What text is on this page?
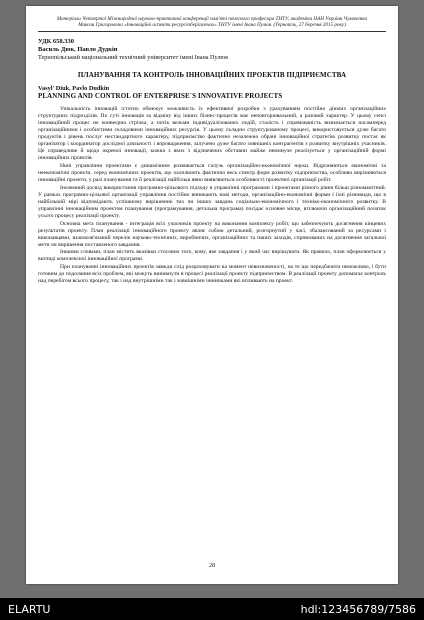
Матеріали Четвертої Міжнародної науково-практичної конференції пам'яті почесного професора ТНТУ, академіка НАН України Чумаченка Миколи Григоровича «Інноваційні аспекти ресурсозберігаючих» ТНТУ імені Івана Пулюя. (Тернопіль, 27 березня 2015 року)
УДК 658.330
Василь Дюк, Павло Дудкін
Тернопільський національний технічний університет імені Івана Пулюя
ПЛАНУВАННЯ ТА КОНТРОЛЬ ІННОВАЦІЙНИХ ПРОЕКТІВ ПІДПРИЄМСТВА
Vasyl' Diuk, Pavlo Dudkin
PLANNING AND CONTROL OF ENTERPRISE`S INNOVATIVE PROJECTS

Унікальність інновацій істотно обмежує можливість їх ефективної розробки з урахуванням постійно діючих організаційних структурних підрозділів. По суті інновація за відміну від інших бізнес-процесів має неповторювальний, а разовий характер. У цьому сенсі інноваційний процес не конвеєрна стрічка, а потік вельми індивідуалізованих подій, сталість і спрямованість визначається насамперед організаційними і особистими складовими інноваційних ресурсів. У цьому складно структурованому процесі, використовується дуже багато продуктів і рівень послуг нестандартного характеру, підприємство фактично незалежно обрані інноваційної стратегію розвитку постає як організатор і координатор дослідної діяльності і впровадження, залучено дуже багато зовнішніх контрагентів з розвитку внутрішніх учасників. Це справедливе й щодо окремої інновації, кожна з яких з відзначених обставин майже неминуче реалізується у організаційній формі інноваційних проектів.

Нині управління проектами є динамічним розвивається галузь організаційно-економічної науки. Відрізняються економічні та неекономічні проекти, серед економічних проектів, що охоплюють фактично весь спектр форм розвитку підприємства, особливо вирізняються інноваційні проекти, у разі планування та її реалізації найбільш явно виявляються особливості проектної організації робіт.

Іноземний досвід використання програмно-цільового підходу в управлінні програмами і проектами різного рівня більш різноманітний. У рамках програмно-цільової організації управління постійно виникають нові методи, організаційно-економічні форми і їхні різновиди, що в найбільшій мірі відповідають успішному вирішенню тих чи інших завдань соціально-економічного і техніко-економічного розвитку. В управлінні інноваційним проектом планування (програмування, детальна програма) посідає основне місце, втілюючи організаційний початок усього процесу реалізації проекту.

Основна мета планування - інтеграція всіх учасників проекту на виконання комплексу робіт, що забезпечують досягнення кінцевих результатів проекту. План реалізації інноваційного проекту являє собою детальний, розгорнутий у часі, збалансований за ресурсами і виконавцями, взаємозв'язаний перелік науково-технічних, виробничих, організаційних та інших заходів, спрямованих на досягнення загальної мети чи вирішення поставленого завдання.

Іншими словами, план містить вказівки стосовно того, кому, яке завдання і у який час вирішувати. Як правило, план оформлюється у вигляді комплексної інноваційної програми.

При плануванні інноваційних проектів завжди слід розраховувати на момент невизначеності, на те що передбачити неможливо, і бути готовим до подолання всіх проблем, які можуть виникнути в процесі реалізації проекту підприємством. В реалізації проекту допомагає контроль над перебігом всього процесу, так і над внутрішніми так і зовнішніми чинниками які впливають на проект.

28
ELARTU	hdl:123456789/7586
